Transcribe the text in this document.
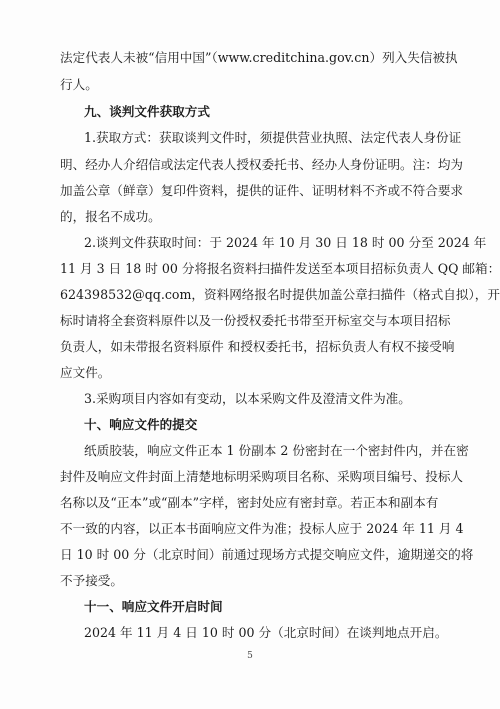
法定代表人未被“信用中国”（www.creditchina.gov.cn）列入失信被执
行人。
九、谈判文件获取方式
1.获取方式：获取谈判文件时，须提供营业执照、法定代表人身份证
明、经办人介绍信或法定代表人授权委托书、经办人身份证明。注：均为
加盖公章（鲜章）复印件资料，提供的证件、证明材料不齐或不符合要求
的，报名不成功。
2.谈判文件获取时间：于 2024 年 10 月 30 日 18 时 00 分至 2024 年
11 月 3 日 18 时 00 分将报名资料扫描件发送至本项目招标负责人 QQ 邮箱：
624398532@qq.com，资料网络报名时提供加盖公章扫描件（格式自拟），开
标时请将全套资料原件以及一份授权委托书带至开标室交与本项目招标
负责人，如未带报名资料原件 和授权委托书，招标负责人有权不接受响
应文件。
3.采购项目内容如有变动，以本采购文件及澄清文件为准。
十、响应文件的提交
纸质胶装，响应文件正本 1 份副本 2 份密封在一个密封件内，并在密
封件及响应文件封面上清楚地标明采购项目名称、采购项目编号、投标人
名称以及“正本”或“副本”字样，密封处应有密封章。若正本和副本有
不一致的内容，以正本书面响应文件为准；投标人应于 2024 年 11 月 4
日 10 时 00 分（北京时间）前通过现场方式提交响应文件，逾期递交的将
不予接受。
十一、响应文件开启时间
2024 年 11 月 4 日 10 时 00 分（北京时间）在谈判地点开启。
5
